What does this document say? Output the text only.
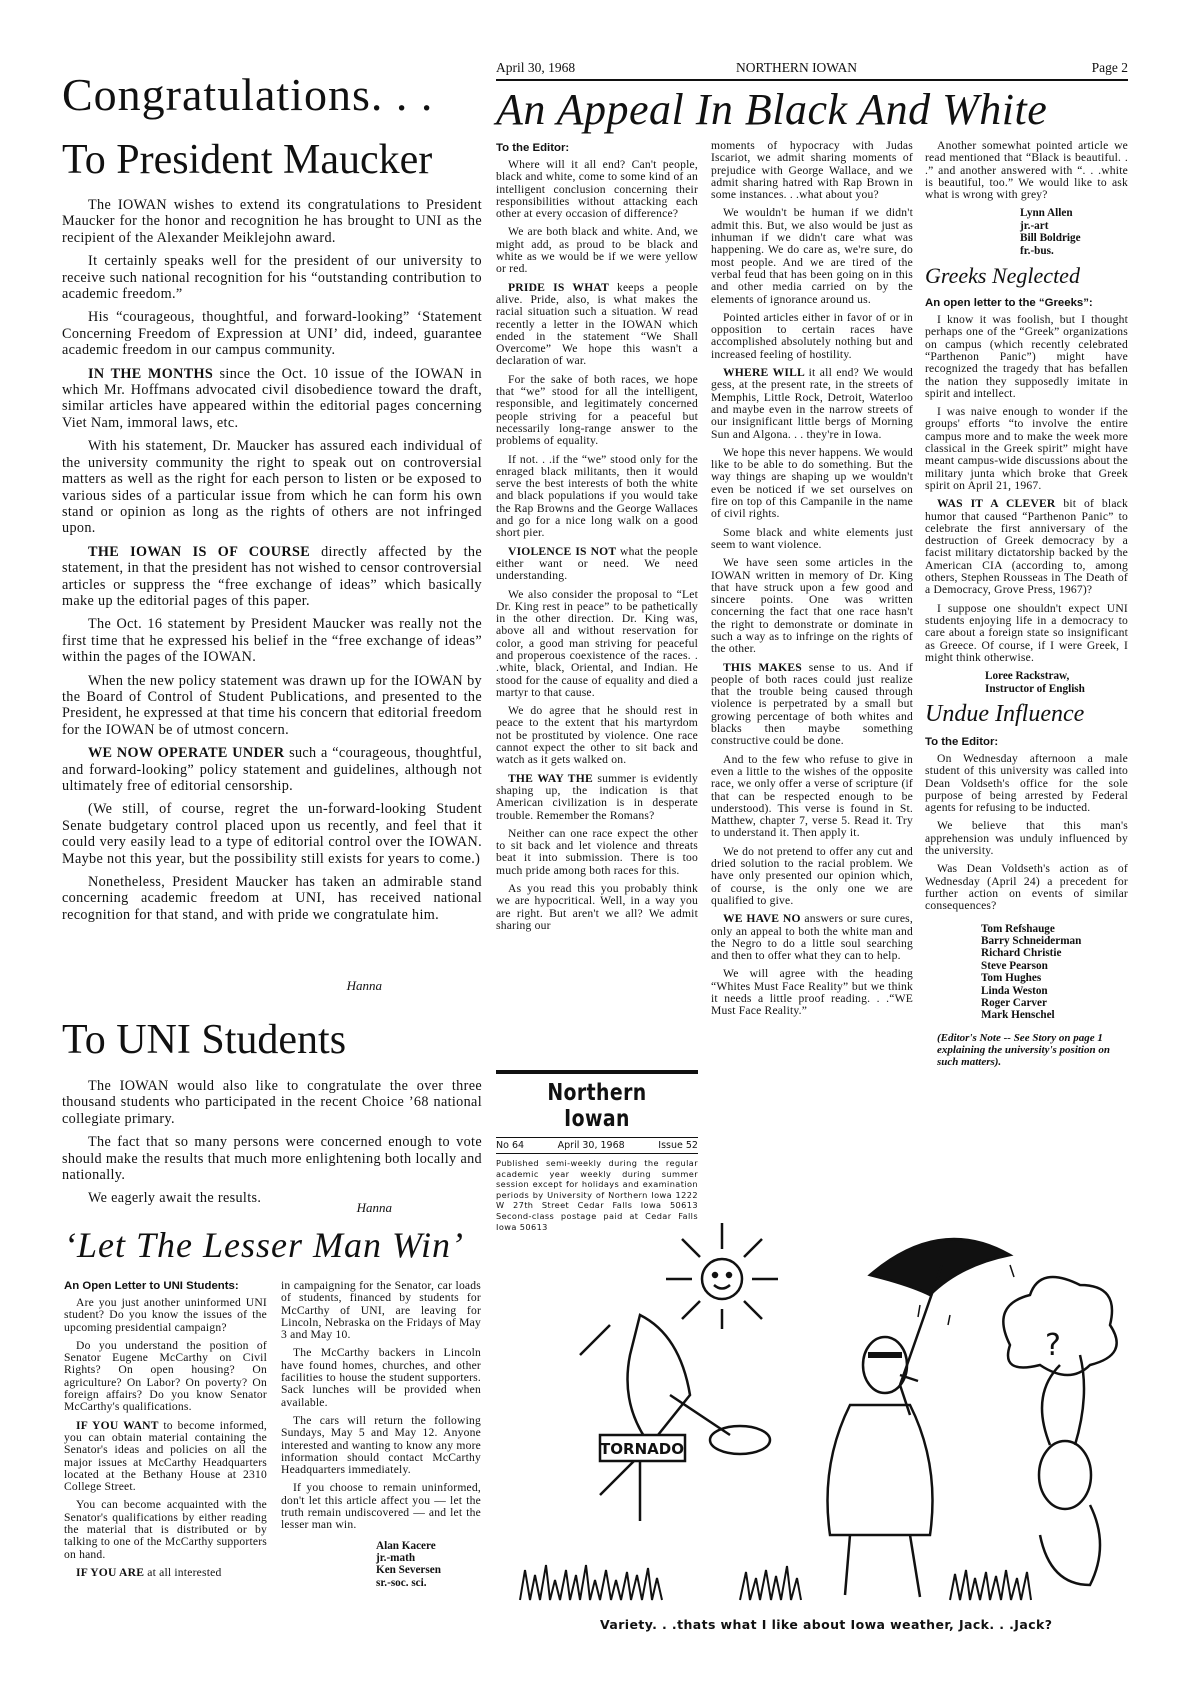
April 30, 1968	NORTHERN IOWAN	Page 2
Congratulations. . .
To President Maucker

The IOWAN wishes to extend its congratulations to President Maucker for the honor and recognition he has brought to UNI as the recipient of the Alexander Meiklejohn award.

It certainly speaks well for the president of our university to receive such national recognition for his “outstanding contribution to academic freedom.”

His “courageous, thoughtful, and forward-looking” ‘Statement Concerning Freedom of Expression at UNI’ did, indeed, guarantee academic freedom in our campus community.

IN THE MONTHS since the Oct. 10 issue of the IOWAN in which Mr. Hoffmans advocated civil disobedience toward the draft, similar articles have appeared within the editorial pages concerning Viet Nam, immoral laws, etc.

With his statement, Dr. Maucker has assured each individual of the university community the right to speak out on controversial matters as well as the right for each person to listen or be exposed to various sides of a particular issue from which he can form his own stand or opinion as long as the rights of others are not infringed upon.

THE IOWAN IS OF COURSE directly affected by the statement, in that the president has not wished to censor controversial articles or suppress the “free exchange of ideas” which basically make up the editorial pages of this paper.

The Oct. 16 statement by President Maucker was really not the first time that he expressed his belief in the “free exchange of ideas” within the pages of the IOWAN.

When the new policy statement was drawn up for the IOWAN by the Board of Control of Student Publications, and presented to the President, he expressed at that time his concern that editorial freedom for the IOWAN be of utmost concern.

WE NOW OPERATE UNDER such a “courageous, thoughtful, and forward-looking” policy statement and guidelines, although not ultimately free of editorial censorship.

(We still, of course, regret the un-forward-looking Student Senate budgetary control placed upon us recently, and feel that it could very easily lead to a type of editorial control over the IOWAN. Maybe not this year, but the possibility still exists for years to come.)

Nonetheless, President Maucker has taken an admirable stand concerning academic freedom at UNI, has received national recognition for that stand, and with pride we congratulate him.

Hanna
To UNI Students

The IOWAN would also like to congratulate the over three thousand students who participated in the recent Choice ’68 national collegiate primary.

The fact that so many persons were concerned enough to vote should make the results that much more enlightening both locally and nationally.

We eagerly await the results.

Hanna
‘Let The Lesser Man Win’
An Open Letter to UNI Students:

Are you just another uninformed UNI student? Do you know the issues of the upcoming presidential campaign?

Do you understand the position of Senator Eugene McCarthy on Civil Rights? On open housing? On agriculture? On Labor? On poverty? On foreign affairs? Do you know Senator McCarthy's qualifications.

IF YOU WANT to become informed, you can obtain material containing the Senator's ideas and policies on all the major issues at McCarthy Headquarters located at the Bethany House at 2310 College Street.

You can become acquainted with the Senator's qualifications by either reading the material that is distributed or by talking to one of the McCarthy supporters on hand.

IF YOU ARE at all interested

in campaigning for the Senator, car loads of students, financed by students for McCarthy of UNI, are leaving for Lincoln, Nebraska on the Fridays of May 3 and May 10.

The McCarthy backers in Lincoln have found homes, churches, and other facilities to house the student supporters. Sack lunches will be provided when available.

The cars will return the following Sundays, May 5 and May 12. Anyone interested and wanting to know any more information should contact McCarthy Headquarters immediately.

If you choose to remain uninformed, don't let this article affect you — let the truth remain undiscovered — and let the lesser man win.

Alan Kacere
jr.-math
Ken Seversen
sr.-soc. sci.
An Appeal In Black And White
To the Editor:

Where will it all end? Can't people, black and white, come to some kind of an intelligent conclusion concerning their responsibilities without attacking each other at every occasion of difference?

We are both black and white. And, we might add, as proud to be black and white as we would be if we were yellow or red.

PRIDE IS WHAT keeps a people alive. Pride, also, is what makes the racial situation such a situation. W read recently a letter in the IOWAN which ended in the statement “We Shall Overcome” We hope this wasn't a declaration of war.

For the sake of both races, we hope that “we” stood for all the intelligent, responsible, and legitimately concerned people striving for a peaceful but necessarily long-range answer to the problems of equality.

If not. . .if the “we” stood only for the enraged black militants, then it would serve the best interests of both the white and black populations if you would take the Rap Browns and the George Wallaces and go for a nice long walk on a good short pier.

VIOLENCE IS NOT what the people either want or need. We need understanding.

We also consider the proposal to “Let Dr. King rest in peace” to be pathetically in the other direction. Dr. King was, above all and without reservation for color, a good man striving for peaceful and properous coexistence of the races. . .white, black, Oriental, and Indian. He stood for the cause of equality and died a martyr to that cause.

We do agree that he should rest in peace to the extent that his martyrdom not be prostituted by violence. One race cannot expect the other to sit back and watch as it gets walked on.

THE WAY THE summer is evidently shaping up, the indication is that American civilization is in desperate trouble. Remember the Romans?

Neither can one race expect the other to sit back and let violence and threats beat it into submission. There is too much pride among both races for this.

As you read this you probably think we are hypocritical. Well, in a way you are right. But aren't we all? We admit sharing our

moments of hypocracy with Judas Iscariot, we admit sharing moments of prejudice with George Wallace, and we admit sharing hatred with Rap Brown in some instances. . .what about you?

We wouldn't be human if we didn't admit this. But, we also would be just as inhuman if we didn't care what was happening. We do care as, we're sure, do most people. And we are tired of the verbal feud that has been going on in this and other media carried on by the elements of ignorance around us.

Pointed articles either in favor of or in opposition to certain races have accomplished absolutely nothing but and increased feeling of hostility.

WHERE WILL it all end? We would gess, at the present rate, in the streets of Memphis, Little Rock, Detroit, Waterloo and maybe even in the narrow streets of our insignificant little bergs of Morning Sun and Algona. . . they're in Iowa.

We hope this never happens. We would like to be able to do something. But the way things are shaping up we wouldn't even be noticed if we set ourselves on fire on top of this Campanile in the name of civil rights.

Some black and white elements just seem to want violence.

We have seen some articles in the IOWAN written in memory of Dr. King that have struck upon a few good and sincere points. One was written concerning the fact that one race hasn't the right to demonstrate or dominate in such a way as to infringe on the rights of the other.

THIS MAKES sense to us. And if people of both races could just realize that the trouble being caused through violence is perpetrated by a small but growing percentage of both whites and blacks then maybe something constructive could be done.

And to the few who refuse to give in even a little to the wishes of the opposite race, we only offer a verse of scripture (if that can be respected enough to be understood). This verse is found in St. Matthew, chapter 7, verse 5. Read it. Try to understand it. Then apply it.

We do not pretend to offer any cut and dried solution to the racial problem. We have only presented our opinion which, of course, is the only one we are qualified to give.

WE HAVE NO answers or sure cures, only an appeal to both the white man and the Negro to do a little soul searching and then to offer what they can to help.

We will agree with the heading “Whites Must Face Reality” but we think it needs a little proof reading. . .“WE Must Face Reality.”

Another somewhat pointed article we read mentioned that “Black is beautiful. . .” and another answered with “. . .white is beautiful, too.” We would like to ask what is wrong with grey?

Lynn Allen
jr.-art
Bill Boldrige
fr.-bus.
Greeks Neglected
An open letter to the “Greeks”:

I know it was foolish, but I thought perhaps one of the “Greek” organizations on campus (which recently celebrated “Parthenon Panic”) might have recognized the tragedy that has befallen the nation they supposedly imitate in spirit and intellect.

I was naive enough to wonder if the groups' efforts “to involve the entire campus more and to make the week more classical in the Greek spirit” might have meant campus-wide discussions about the military junta which broke that Greek spirit on April 21, 1967.

WAS IT A CLEVER bit of black humor that caused “Parthenon Panic” to celebrate the first anniversary of the destruction of Greek democracy by a facist military dictatorship backed by the American CIA (according to, among others, Stephen Rousseas in The Death of a Democracy, Grove Press, 1967)?

I suppose one shouldn't expect UNI students enjoying life in a democracy to care about a foreign state so insignificant as Greece. Of course, if I were Greek, I might think otherwise.

Loree Rackstraw,
Instructor of English
Undue Influence
To the Editor:

On Wednesday afternoon a male student of this university was called into Dean Voldseth's office for the sole purpose of being arrested by Federal agents for refusing to be inducted.

We believe that this man's apprehension was unduly influenced by the university.

Was Dean Voldseth's action as of Wednesday (April 24) a precedent for further action on events of similar consequences?

Tom Refshauge
Barry Schneiderman
Richard Christie
Steve Pearson
Tom Hughes
Linda Weston
Roger Carver
Mark Henschel
(Editor's Note -- See Story on page 1 explaining the university's position on such matters).
Northern Iowan
No 64	April 30, 1968	Issue 52
Published semi-weekly during the regular academic year weekly during summer session except for holidays and examination periods by University of Northern Iowa 1222 W 27th Street Cedar Falls Iowa 50613 Second-class postage paid at Cedar Falls Iowa 50613
TORNADO
?
Variety. . .thats what I like about Iowa weather, Jack. . .Jack?
